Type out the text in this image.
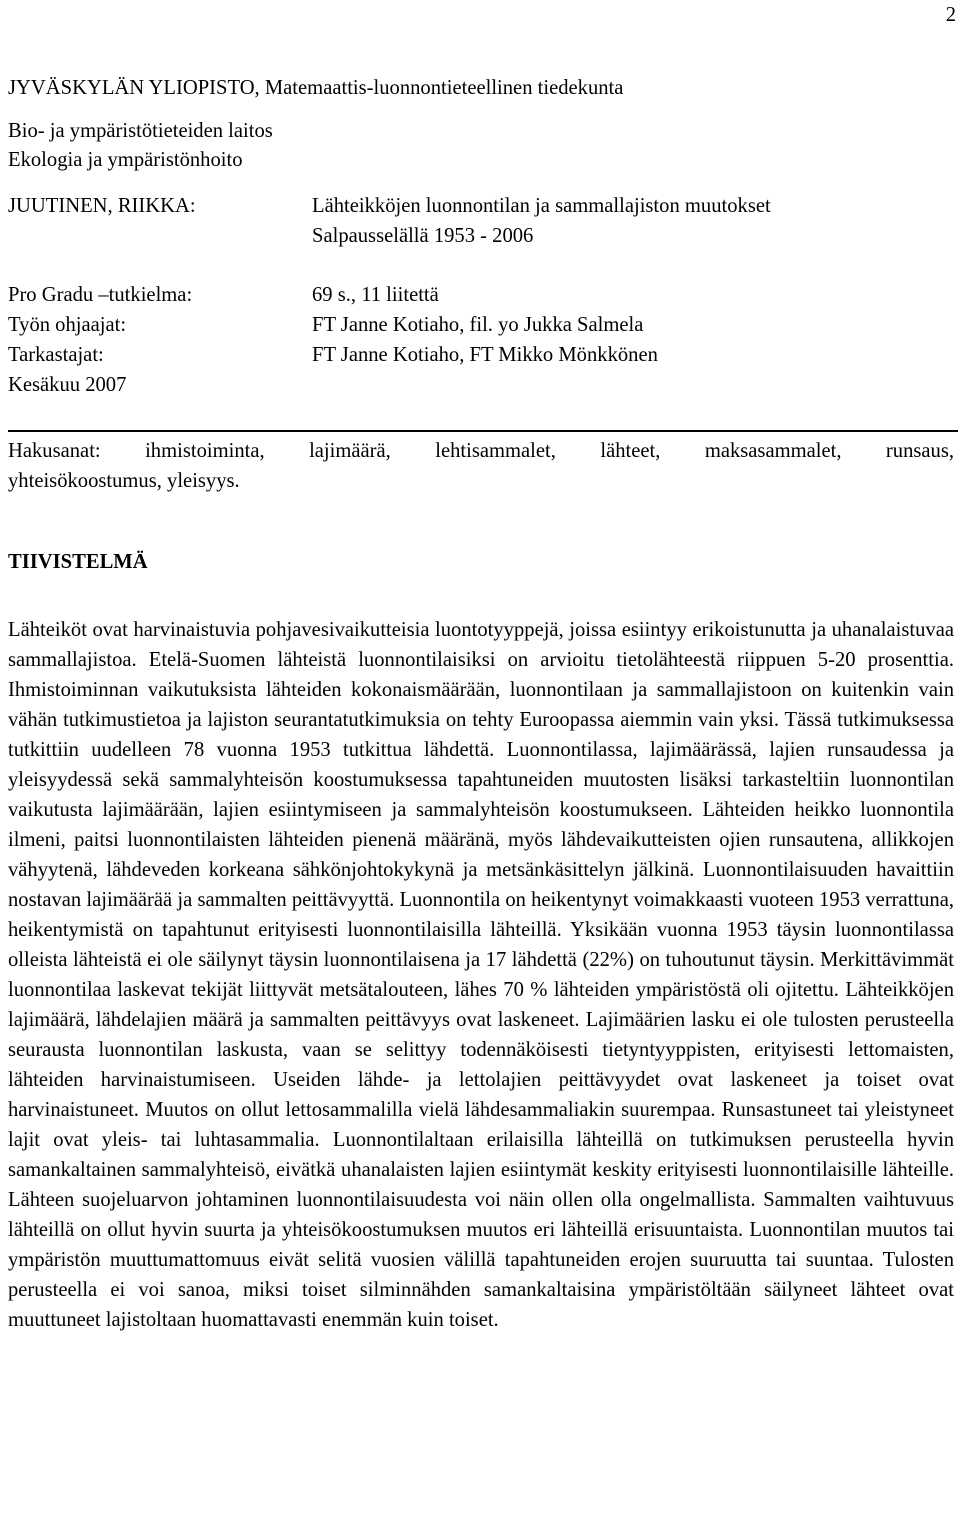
2
JYVÄSKYLÄN YLIOPISTO, Matemaattis-luonnontieteellinen tiedekunta
Bio- ja ympäristötieteiden laitos
Ekologia ja ympäristönhoito
JUUTINEN, RIIKKA:	Lähteikköjen luonnontilan ja sammallajiston muutokset
Salpausselällä 1953 - 2006
Pro Gradu –tutkielma:	69 s., 11 liitettä
Työn ohjaajat:	FT Janne Kotiaho, fil. yo Jukka Salmela
Tarkastajat:	FT Janne Kotiaho, FT Mikko Mönkkönen
Kesäkuu 2007
Hakusanat: ihmistoiminta, lajimäärä, lehtisammalet, lähteet, maksasammalet, runsaus,
yhteisökoostumus, yleisyys.
TIIVISTELMÄ
Lähteiköt ovat harvinaistuvia pohjavesivaikutteisia luontotyyppejä, joissa esiintyy erikoistunutta ja uhanalaistuvaa sammallajistoa. Etelä-Suomen lähteistä luonnontilaisiksi on arvioitu tietolähteestä riippuen 5-20 prosenttia. Ihmistoiminnan vaikutuksista lähteiden kokonaismäärään, luonnontilaan ja sammallajistoon on kuitenkin vain vähän tutkimustietoa ja lajiston seurantatutkimuksia on tehty Euroopassa aiemmin vain yksi. Tässä tutkimuksessa tutkittiin uudelleen 78 vuonna 1953 tutkittua lähdettä. Luonnontilassa, lajimäärässä, lajien runsaudessa ja yleisyydessä sekä sammalyhteisön koostumuksessa tapahtuneiden muutosten lisäksi tarkasteltiin luonnontilan vaikutusta lajimäärään, lajien esiintymiseen ja sammalyhteisön koostumukseen. Lähteiden heikko luonnontila ilmeni, paitsi luonnontilaisten lähteiden pienenä määränä, myös lähdevaikutteisten ojien runsautena, allikkojen vähyytenä, lähdeveden korkeana sähkönjohtokykynä ja metsänkäsittelyn jälkinä. Luonnontilaisuuden havaittiin nostavan lajimäärää ja sammalten peittävyyttä. Luonnontila on heikentynyt voimakkaasti vuoteen 1953 verrattuna, heikentymistä on tapahtunut erityisesti luonnontilaisilla lähteillä. Yksikään vuonna 1953 täysin luonnontilassa olleista lähteistä ei ole säilynyt täysin luonnontilaisena ja 17 lähdettä (22%) on tuhoutunut täysin. Merkittävimmät luonnontilaa laskevat tekijät liittyvät metsätalouteen, lähes 70 % lähteiden ympäristöstä oli ojitettu. Lähteikköjen lajimäärä, lähdelajien määrä ja sammalten peittävyys ovat laskeneet. Lajimäärien lasku ei ole tulosten perusteella seurausta luonnontilan laskusta, vaan se selittyy todennäköisesti tietyntyyppisten, erityisesti lettomaisten, lähteiden harvinaistumiseen. Useiden lähde- ja lettolajien peittävyydet ovat laskeneet ja toiset ovat harvinaistuneet. Muutos on ollut lettosammalilla vielä lähdesammaliakin suurempaa. Runsastuneet tai yleistyneet lajit ovat yleis- tai luhtasammalia. Luonnontilaltaan erilaisilla lähteillä on tutkimuksen perusteella hyvin samankaltainen sammalyhteisö, eivätkä uhanalaisten lajien esiintymät keskity erityisesti luonnontilaisille lähteille. Lähteen suojeluarvon johtaminen luonnontilaisuudesta voi näin ollen olla ongelmallista. Sammalten vaihtuvuus lähteillä on ollut hyvin suurta ja yhteisökoostumuksen muutos eri lähteillä erisuuntaista. Luonnontilan muutos tai ympäristön muuttumattomuus eivät selitä vuosien välillä tapahtuneiden erojen suuruutta tai suuntaa. Tulosten perusteella ei voi sanoa, miksi toiset silminnähden samankaltaisina ympäristöltään säilyneet lähteet ovat muuttuneet lajistoltaan huomattavasti enemmän kuin toiset.
